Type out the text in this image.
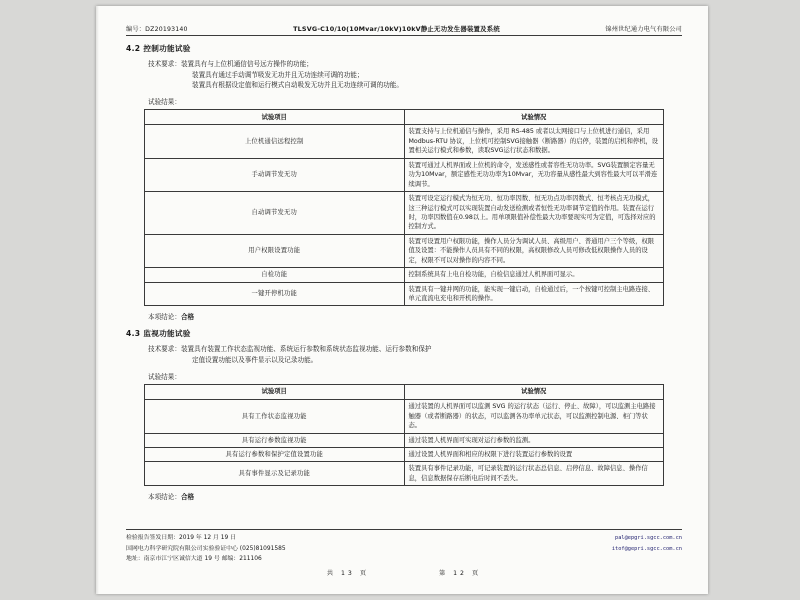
编号：DZ20193140	TLSVG-C10/10(10Mvar/10kV)10kV静止无功发生器装置及系统	锦州世纪通力电气有限公司
4.2 控制功能试验
技术要求：装置具有与上位机通信信号远方操作的功能；
装置具有通过手动调节吸发无功并且无功连续可调的功能；
装置具有根据设定值和运行模式自动吸发无功并且无功连续可调的功能。
试验结果：
试验项目	试验情况
上位机通信远程控制	装置支持与上位机通信与操作，采用 RS-485 或者以太网接口与上位机进行通信，采用Modbus-RTU 协议，上位机可控制SVG接触器（断路器）的启停，装置的启机和停机，设置相关运行模式和参数，读取SVG运行状态和数据。
手动调节发无功	装置可通过人机界面或上位机的命令，发送感性或者容性无功功率。SVG装置额定容量无功为10Mvar，额定感性无功功率为10Mvar，无功容量从感性最大到容性最大可以平滑连续调节。
自动调节发无功	装置可设定运行模式为恒无功、恒功率因数、恒无功点功率因数式、恒考核点无功模式，这三种运行模式可以实现装置自动发送检测或者恒性无功率调节定值的作用。装置在运行时，功率因数值在0.98以上。用单项限值补偿性最大功率要现实可为定值，可选择对应的控制方式。
用户权限设置功能	装置可设置用户权限功能，操作人员分为调试人员、高级用户、普通用户三个等级，权限值及设置：不能操作人员具有不同的权限，高权限修改人员可修改低权限操作人员的设定，权限不可以对操作的内容不同。
自检功能	控制系统具有上电自检功能，自检信息通过人机界面可显示。
一键开停机功能	装置具有一键并网的功能，能实现一键启动，自检通过后，一个按键可控制主电路连接、单元直流电充电和开机的操作。
本项结论：合格
4.3 监视功能试验
技术要求：装置具有装置工作状态监视功能、系统运行参数和系统状态监视功能、运行参数和保护
定值设置功能以及事件显示以及记录功能。
试验结果：
试验项目	试验情况
具有工作状态监视功能	通过装置的人机界面可以监测 SVG 的运行状态（运行、停止、故障），可以监测主电路接触器（或者断路器）的状态，可以监测各功率单元状态，可以监测控制电源、柜门等状态。
具有运行参数监视功能	通过装置人机界面可实现对运行参数的监测。
具有运行参数和保护定值设置功能	通过设置人机界面和相应的权限下进行装置运行参数的设置
具有事件显示及记录功能	装置具有事件记录功能，可记录装置的运行状态总信息、启停信息、故障信息、操作信息，信息数据保存后断电后时间不丢失。
本项结论：合格
检验报告签发日期：2019 年 12 月 19 日	pal@epgri.sgcc.com.cn
国网电力科学研究院有限公司实验验证中心 (025)81091585	itof@gepri.sgcc.com.cn
地址：南京市江宁区诚信大道 19 号 邮编：211106
共 13 页	第 12 页
